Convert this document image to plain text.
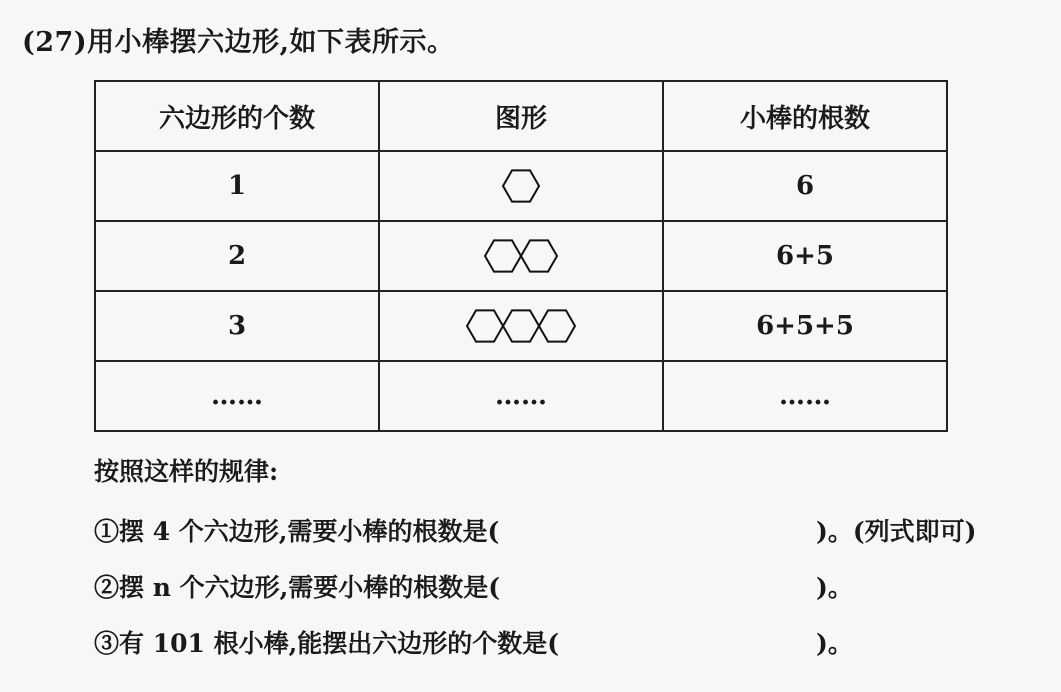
(27)用小棒摆六边形,如下表所示。
六边形的个数	图形	小棒的根数
1		6
2		6+5
3		6+5+5
……	……	……
按照这样的规律:
①摆 4 个六边形,需要小棒的根数是(	)。(列式即可)
②摆 n 个六边形,需要小棒的根数是(	)。
③有 101 根小棒,能摆出六边形的个数是(	)。
